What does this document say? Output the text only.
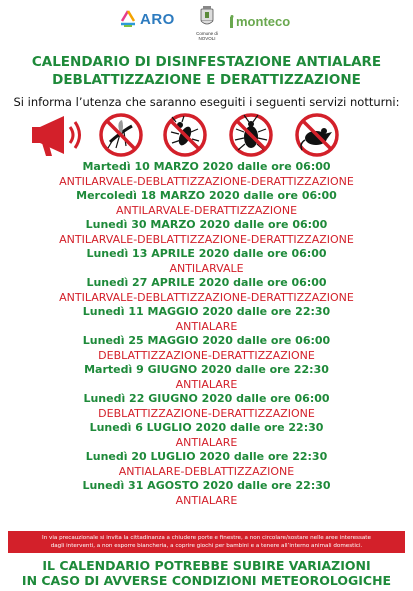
ARO
Comune di
NOVOLI
monteco
CALENDARIO DI DISINFESTAZIONE ANTIALARE
DEBLATTIZZAZIONE E DERATTIZZAZIONE
Si informa l’utenza che saranno eseguiti i seguenti servizi notturni:
Martedì 10 MARZO 2020 dalle ore 06:00
ANTILARVALE-DEBLATTIZZAZIONE-DERATTIZZAZIONE
Mercoledì 18 MARZO 2020 dalle ore 06:00
ANTILARVALE-DERATTIZZAZIONE
Lunedì 30 MARZO 2020 dalle ore 06:00
ANTILARVALE-DEBLATTIZZAZIONE-DERATTIZZAZIONE
Lunedì 13 APRILE 2020 dalle ore 06:00
ANTILARVALE
Lunedì 27 APRILE 2020 dalle ore 06:00
ANTILARVALE-DEBLATTIZZAZIONE-DERATTIZZAZIONE
Lunedì 11 MAGGIO 2020 dalle ore 22:30
ANTIALARE
Lunedì 25 MAGGIO 2020 dalle ore 06:00
DEBLATTIZZAZIONE-DERATTIZZAZIONE
Martedì 9 GIUGNO 2020 dalle ore 22:30
ANTIALARE
Lunedì 22 GIUGNO 2020 dalle ore 06:00
DEBLATTIZZAZIONE-DERATTIZZAZIONE
Lunedì 6 LUGLIO 2020 dalle ore 22:30
ANTIALARE
Lunedì 20 LUGLIO 2020 dalle ore 22:30
ANTIALARE-DEBLATTIZZAZIONE
Lunedì 31 AGOSTO 2020 dalle ore 22:30
ANTIALARE
In via precauzionale si invita la cittadinanza a chiudere porte e finestre, a non circolare/sostare nelle aree interessate
dagli interventi, a non esporre biancheria, a coprire giochi per bambini e a tenere all’interno animali domestici.
IL CALENDARIO POTREBBE SUBIRE VARIAZIONI
IN CASO DI AVVERSE CONDIZIONI METEOROLOGICHE
